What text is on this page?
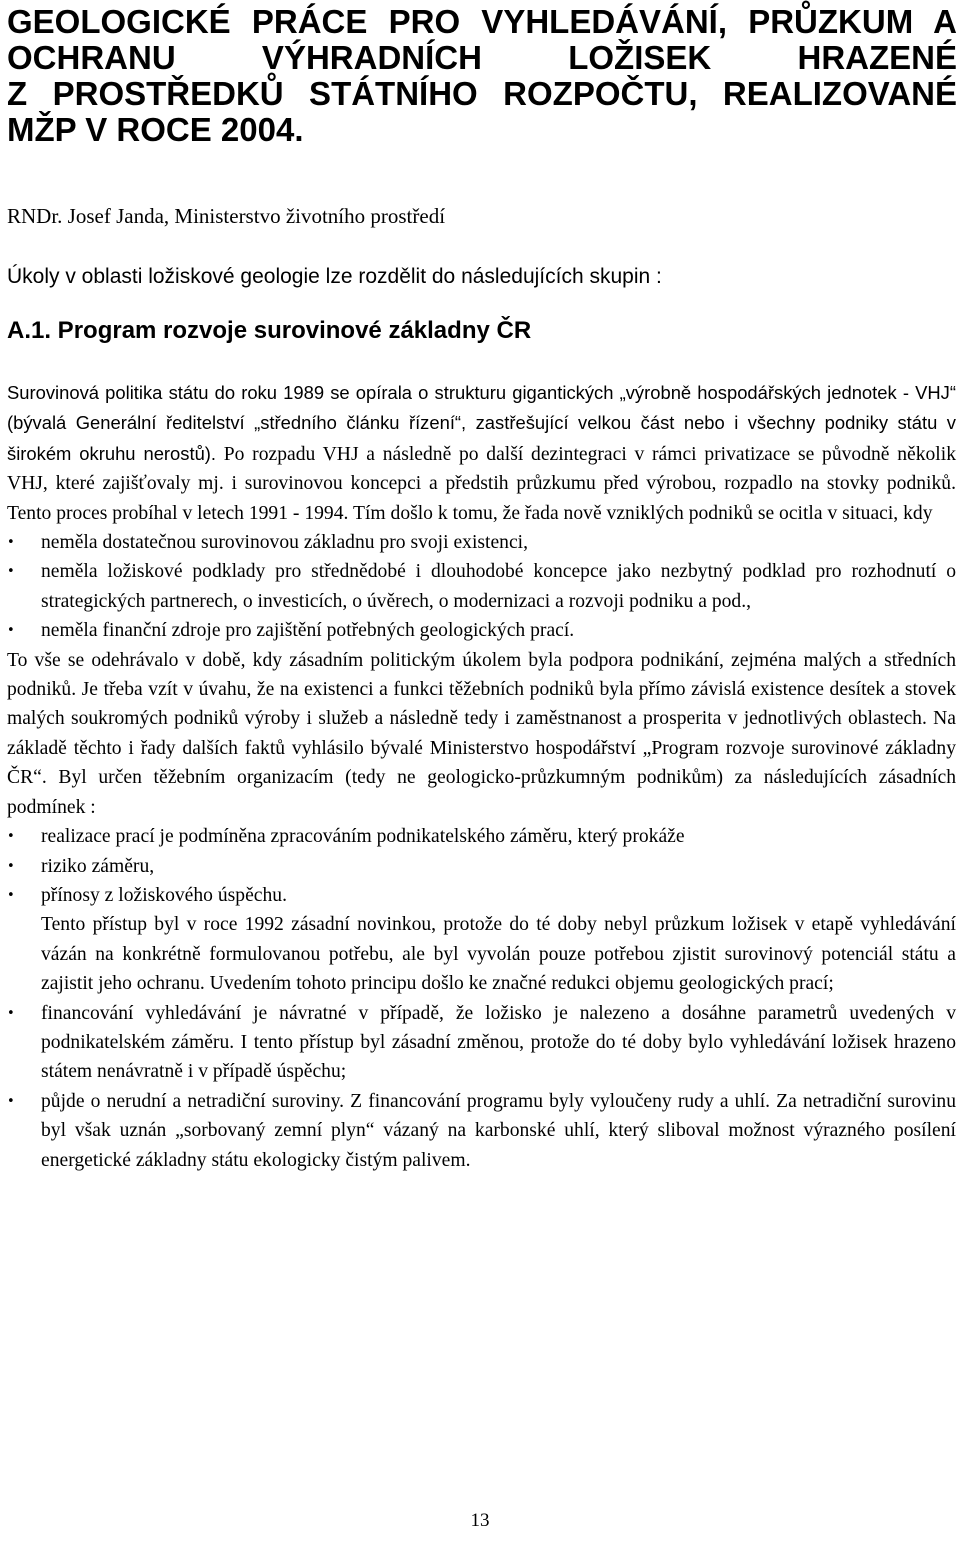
GEOLOGICKÉ PRÁCE PRO VYHLEDÁVÁNÍ, PRŮZKUM A
OCHRANU VÝHRADNÍCH LOŽISEK HRAZENÉ
Z PROSTŘEDKŮ STÁTNÍHO ROZPOČTU, REALIZOVANÉ
MŽP V ROCE 2004.

RNDr. Josef Janda, Ministerstvo životního prostředí

Úkoly v oblasti ložiskové geologie lze rozdělit do následujících skupin :

A.1. Program rozvoje surovinové základny ČR

Surovinová politika státu do roku 1989 se opírala o strukturu gigantických „výrobně hospodářských jednotek - VHJ“ (bývalá Generální ředitelství „středního článku řízení“, zastřešující velkou část nebo i všechny podniky státu v širokém okruhu nerostů). Po rozpadu VHJ a následně po další dezintegraci v rámci privatizace se původně několik VHJ, které zajišťovaly mj. i surovinovou koncepci a předstih průzkumu před výrobou, rozpadlo na stovky podniků. Tento proces probíhal v letech 1991 - 1994. Tím došlo k tomu, že řada nově vzniklých podniků se ocitla v situaci, kdy

•	neměla dostatečnou surovinovou základnu pro svoji existenci,
•	neměla ložiskové podklady pro střednědobé i dlouhodobé koncepce jako nezbytný podklad pro rozhodnutí o strategických partnerech, o investicích, o úvěrech, o modernizaci a rozvoji podniku a pod.,
•	neměla finanční zdroje pro zajištění potřebných geologických prací.

To vše se odehrávalo v době, kdy zásadním politickým úkolem byla podpora podnikání, zejména malých a středních podniků. Je třeba vzít v úvahu, že na existenci a funkci těžebních podniků byla přímo závislá existence desítek a stovek malých soukromých podniků výroby i služeb a následně tedy i zaměstnanost a prosperita v jednotlivých oblastech. Na základě těchto i řady dalších faktů vyhlásilo bývalé Ministerstvo hospodářství „Program rozvoje surovinové základny ČR“. Byl určen těžebním organizacím (tedy ne geologicko-průzkumným podnikům) za následujících zásadních podmínek :

•	realizace prací je podmíněna zpracováním podnikatelského záměru, který prokáže
•	riziko záměru,
•	přínosy z ložiskového úspěchu.

Tento přístup byl v roce 1992 zásadní novinkou, protože do té doby nebyl průzkum ložisek v etapě vyhledávání vázán na konkrétně formulovanou potřebu, ale byl vyvolán pouze potřebou zjistit surovinový potenciál státu a zajistit jeho ochranu. Uvedením tohoto principu došlo ke značné redukci objemu geologických prací;

•	financování vyhledávání je návratné v případě, že ložisko je nalezeno a dosáhne parametrů uvedených v podnikatelském záměru. I tento přístup byl zásadní změnou, protože do té doby bylo vyhledávání ložisek hrazeno státem nenávratně i v případě úspěchu;
•	půjde o nerudní a netradiční suroviny. Z financování programu byly vyloučeny rudy a uhlí. Za netradiční surovinu byl však uznán „sorbovaný zemní plyn“ vázaný na karbonské uhlí, který sliboval možnost výrazného posílení energetické základny státu ekologicky čistým palivem.
13
